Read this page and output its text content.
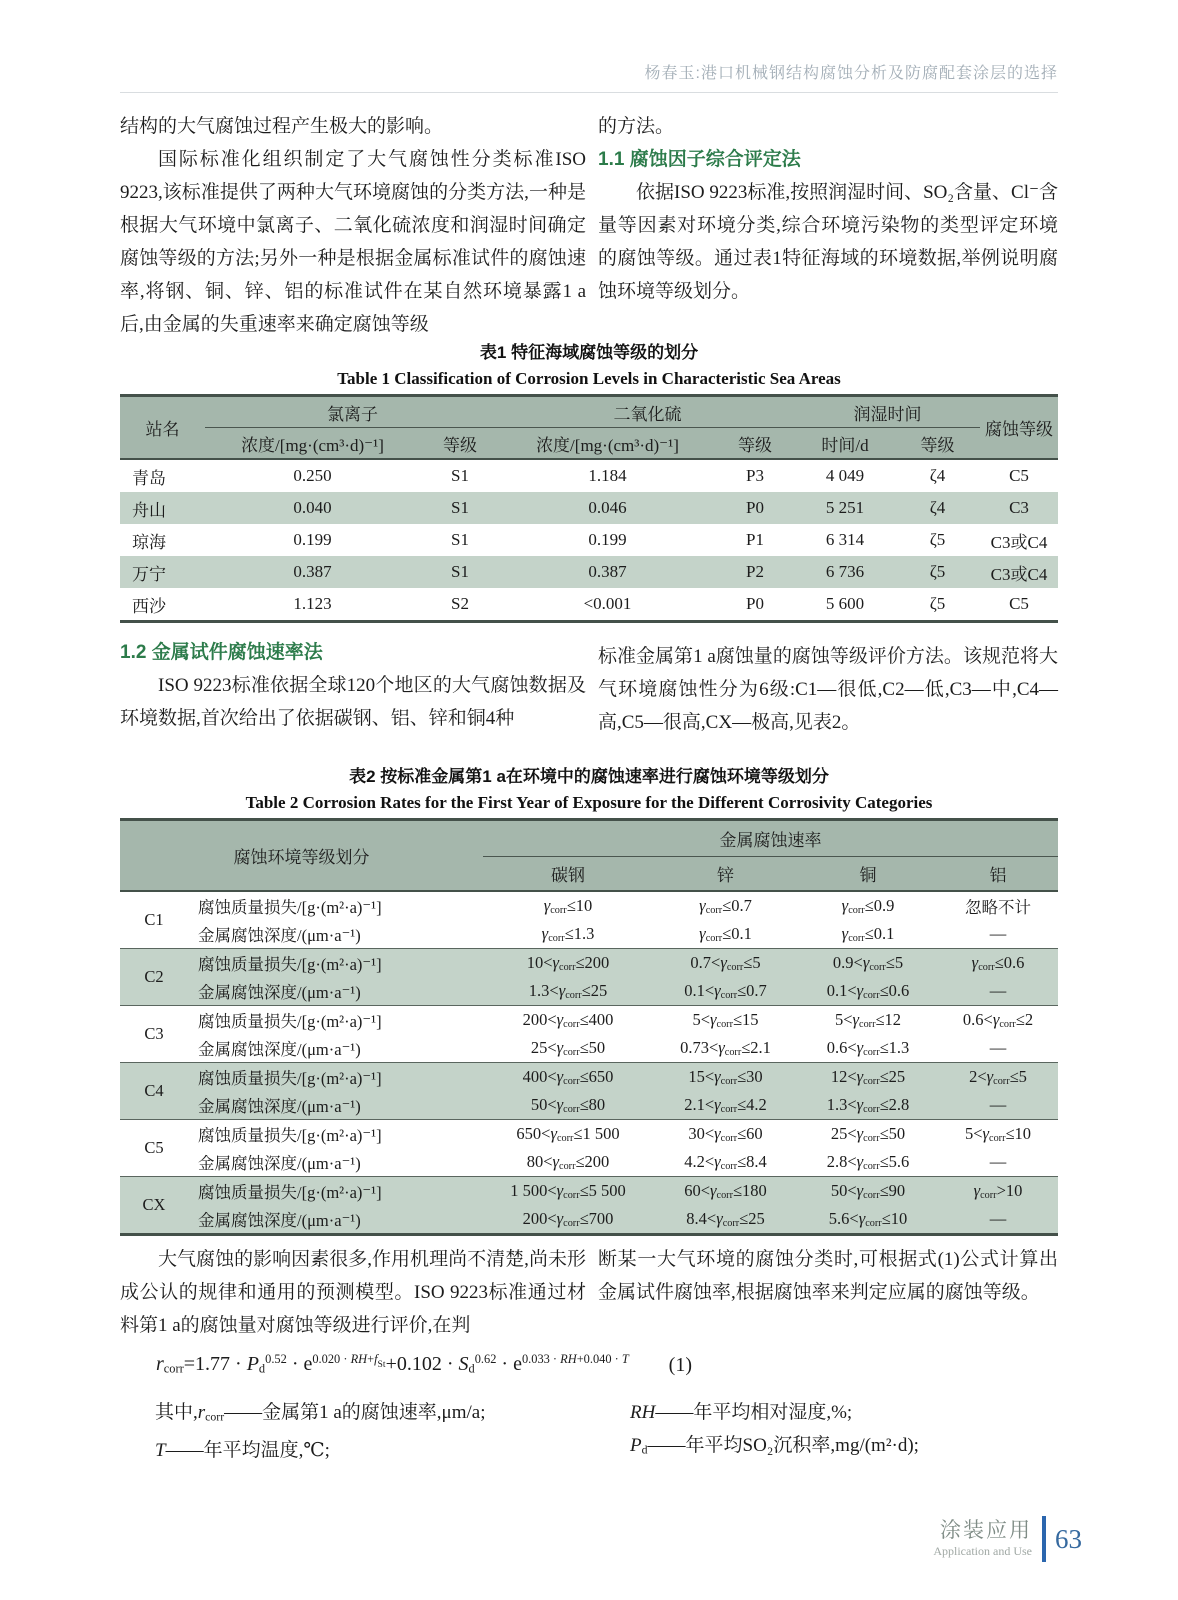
杨春玉:港口机械钢结构腐蚀分析及防腐配套涂层的选择

结构的大气腐蚀过程产生极大的影响。

国际标准化组织制定了大气腐蚀性分类标准ISO 9223,该标准提供了两种大气环境腐蚀的分类方法,一种是根据大气环境中氯离子、二氧化硫浓度和润湿时间确定腐蚀等级的方法;另外一种是根据金属标准试件的腐蚀速率,将钢、铜、锌、铝的标准试件在某自然环境暴露1 a后,由金属的失重速率来确定腐蚀等级

的方法。

1.1 腐蚀因子综合评定法

依据ISO 9223标准,按照润湿时间、SO₂含量、Cl⁻含量等因素对环境分类,综合环境污染物的类型评定环境的腐蚀等级。通过表1特征海域的环境数据,举例说明腐蚀环境等级划分。

表1 特征海域腐蚀等级的划分
Table 1 Classification of Corrosion Levels in Characteristic Sea Areas
站名	氯离子		二氧化硫		润湿时间		腐蚀等级
	浓度/[mg·(cm³·d)⁻¹]	等级	浓度/[mg·(cm³·d)⁻¹]	等级	时间/d	等级	
青岛	0.250	S1	1.184	P3	4 049	ζ4	C5
舟山	0.040	S1	0.046	P0	5 251	ζ4	C3
琼海	0.199	S1	0.199	P1	6 314	ζ5	C3或C4
万宁	0.387	S1	0.387	P2	6 736	ζ5	C3或C4
西沙	1.123	S2	<0.001	P0	5 600	ζ5	C5

1.2 金属试件腐蚀速率法

ISO 9223标准依据全球120个地区的大气腐蚀数据及环境数据,首次给出了依据碳钢、铝、锌和铜4种

标准金属第1 a腐蚀量的腐蚀等级评价方法。该规范将大气环境腐蚀性分为6级:C1—很低,C2—低,C3—中,C4—高,C5—很高,CX—极高,见表2。

表2 按标准金属第1 a在环境中的腐蚀速率进行腐蚀环境等级划分
Table 2 Corrosion Rates for the First Year of Exposure for the Different Corrosivity Categories
腐蚀环境等级划分		金属腐蚀速率			
		碳钢	锌	铜	铝
C1	腐蚀质量损失/[g·(m²·a)⁻¹]	$\gamma_{corr}\le 10$	$\gamma_{corr}\le 0.7$	$\gamma_{corr}\le 0.9$	忽略不计
	金属腐蚀深度/(μm·a⁻¹)	$\gamma_{corr}\le 1.3$	$\gamma_{corr}\le 0.1$	$\gamma_{corr}\le 0.1$	—
C2	腐蚀质量损失/[g·(m²·a)⁻¹]	$10<\gamma_{corr}\le 200$	$0.7<\gamma_{corr}\le 5$	$0.9<\gamma_{corr}\le 5$	$\gamma_{corr}\le 0.6$
	金属腐蚀深度/(μm·a⁻¹)	$1.3<\gamma_{corr}\le 25$	$0.1<\gamma_{corr}\le 0.7$	$0.1<\gamma_{corr}\le 0.6$	—
C3	腐蚀质量损失/[g·(m²·a)⁻¹]	$200<\gamma_{corr}\le 400$	$5<\gamma_{corr}\le 15$	$5<\gamma_{corr}\le 12$	$0.6<\gamma_{corr}\le 2$
	金属腐蚀深度/(μm·a⁻¹)	$25<\gamma_{corr}\le 50$	$0.73<\gamma_{corr}\le 2.1$	$0.6<\gamma_{corr}\le 1.3$	—
C4	腐蚀质量损失/[g·(m²·a)⁻¹]	$400<\gamma_{corr}\le 650$	$15<\gamma_{corr}\le 30$	$12<\gamma_{corr}\le 25$	$2<\gamma_{corr}\le 5$
	金属腐蚀深度/(μm·a⁻¹)	$50<\gamma_{corr}\le 80$	$2.1<\gamma_{corr}\le 4.2$	$1.3<\gamma_{corr}\le 2.8$	—
C5	腐蚀质量损失/[g·(m²·a)⁻¹]	$650<\gamma_{corr}\le 1$ 500	$30<\gamma_{corr}\le 60$	$25<\gamma_{corr}\le 50$	$5<\gamma_{corr}\le 10$
	金属腐蚀深度/(μm·a⁻¹)	$80<\gamma_{corr}\le 200$	$4.2<\gamma_{corr}\le 8.4$	$2.8<\gamma_{corr}\le 5.6$	—
CX	腐蚀质量损失/[g·(m²·a)⁻¹]	1 $500<\gamma_{corr}\le 5$ 500	$60<\gamma_{corr}\le 180$	$50<\gamma_{corr}\le 90$	$\gamma_{corr}>10$
	金属腐蚀深度/(μm·a⁻¹)	$200<\gamma_{corr}\le 700$	$8.4<\gamma_{corr}\le 25$	$5.6<\gamma_{corr}\le 10$	—

大气腐蚀的影响因素很多,作用机理尚不清楚,尚未形成公认的规律和通用的预测模型。ISO 9223标准通过材料第1 a的腐蚀量对腐蚀等级进行评价,在判

断某一大气环境的腐蚀分类时,可根据式(1)公式计算出金属试件腐蚀率,根据腐蚀率来判定应属的腐蚀等级。

rcorr=1.77 · $Pd^{0.52} \cdot e^{0.020 \cdot}$ $^{RH+f}St+0.102 \cdot Sd^{0.62} \cdot e^{0.033 \cdot}$ $^{RH+0.040 \cdot}$ $^T$	(1)
其中,rcorr——金属第1 a的腐蚀速率,μm/a;
T——年平均温度,℃;
RH——年平均相对湿度,%;
Pd——年平均SO₂沉积率,mg/(m²·d);
涂装应用
Application and Use 63
